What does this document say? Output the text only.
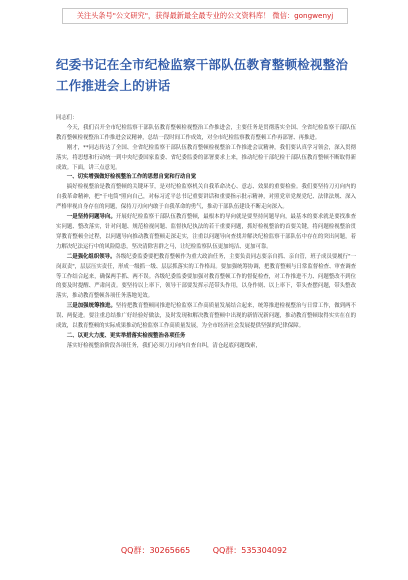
关注头条号"公文研究"，获得最新最全最专业的公文资料库！ 微信：gongwenyj
纪委书记在全市纪检监察干部队伍教育整顿检视整治工作推进会上的讲话

同志们：

今天，我们召开全市纪检监察干部队伍教育整顿检视整治工作推进会，主要任务是贯彻落实全国、全省纪检监察干部队伍教育整顿检视整治工作推进会议精神，总结一段时间工作成效，对全市纪检监察教育整顿工作再部署、再推进。

刚才，**同志传达了全国、全省纪检监察干部队伍教育整顿检视整治工作推进会议精神，我们要认真学习领会，深入贯彻落实，将思想和行动统一到中央纪委国家监委、省纪委监委的部署要求上来，推动纪检干部纪检干部队伍教育整顿不断取得新成效。下面，讲三点意见。

一、切实增强做好检视整治工作的思想自觉和行动自觉

搞好检视整治是教育整顿的关键环节，是对纪检监察机关自我革命决心、意志、效果的重要检验。我们要坚持刀刃向内的自我革命精神，把"千电筒"照向自己，对标习近平总书记重要讲话和重要指示批示精神，对照党章党规党纪、法律法规、深入严格审视自身存在的问题，保持刀刃向内敢于自我革命的勇气，推动干部队伍建设不断走向深入。

一是坚持问题导向。开展好纪检监察干部队伍教育整顿，最根本的导向就是要坚持问题导向，最基本的要求就是要找准查实问题、整改落实，针对问题、规范检视问题、监督执纪执法的若干重要问题，抓好检视整治的首要关键，将问题检视整治贯穿教育整顿全过程，以问题导向推动教育整顿走深走实，注重以问题导向查找并解决纪检监察干部队伍中存在的突出问题，着力解决纪法运行中的风险隐患，坚决清除害群之马，让纪检监察队伍更加纯洁、更加可靠。

二是强化组织领导。各级纪委监委要把教育整顿作为重大政治任务，主要负责同志要亲自抓、亲自管，班子成员要履行"一岗双责"，层层压实责任，形成一级抓一级、层层抓落实的工作格局。要加强统筹协调，把教育整顿与日常监督检查、审查调查等工作结合起来，确保两手抓、两不误。各级纪委监委要加强对教育整顿工作的督促检查，对工作推进不力、问题整改不到位的要及时提醒、严肃问责。要坚持以上率下，领导干部要发挥示范带头作用，以身作则、以上率下，带头查摆问题，带头整改落实，推动教育整顿各项任务落地见效。

三是加强统筹推进。坚持把教育整顿同推进纪检监察工作高质量发展结合起来，统筹推进检视整治与日常工作，做到两不误、两促进。要注重总结推广好经验好做法，及时发现和解决教育整顿中出现的新情况新问题，推动教育整顿取得实实在在的成效，以教育整顿的实际成果推动纪检监察工作高质量发展，为全市经济社会发展提供坚强的纪律保障。

二、以更大力度、更实举措落实检视整治各项任务

落实好检视整治阶段各项任务，我们必须刀刃向内自查自纠，清仓起底问题线索，

QQ群：30265665	QQ群：535304092
